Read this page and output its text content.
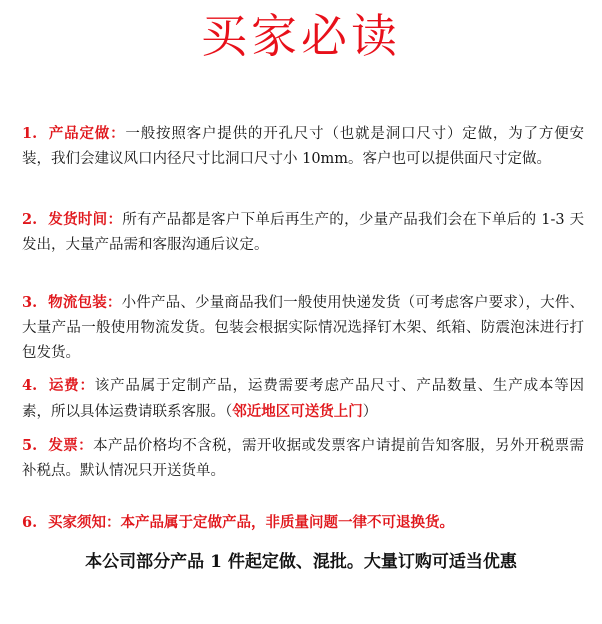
买家必读
1. 产品定做：一般按照客户提供的开孔尺寸（也就是洞口尺寸）定做，为了方便安装，我们会建议风口内径尺寸比洞口尺寸小 10mm。客户也可以提供面尺寸定做。
2. 发货时间：所有产品都是客户下单后再生产的，少量产品我们会在下单后的 1-3 天发出，大量产品需和客服沟通后议定。
3. 物流包装：小件产品、少量商品我们一般使用快递发货（可考虑客户要求），大件、大量产品一般使用物流发货。包装会根据实际情况选择钉木架、纸箱、防震泡沫进行打包发货。
4. 运费：该产品属于定制产品，运费需要考虑产品尺寸、产品数量、生产成本等因素，所以具体运费请联系客服。（邻近地区可送货上门）
5. 发票：本产品价格均不含税，需开收据或发票客户请提前告知客服，另外开税票需补税点。默认情况只开送货单。
6. 买家须知：本产品属于定做产品，非质量问题一律不可退换货。
本公司部分产品 1 件起定做、混批。大量订购可适当优惠
